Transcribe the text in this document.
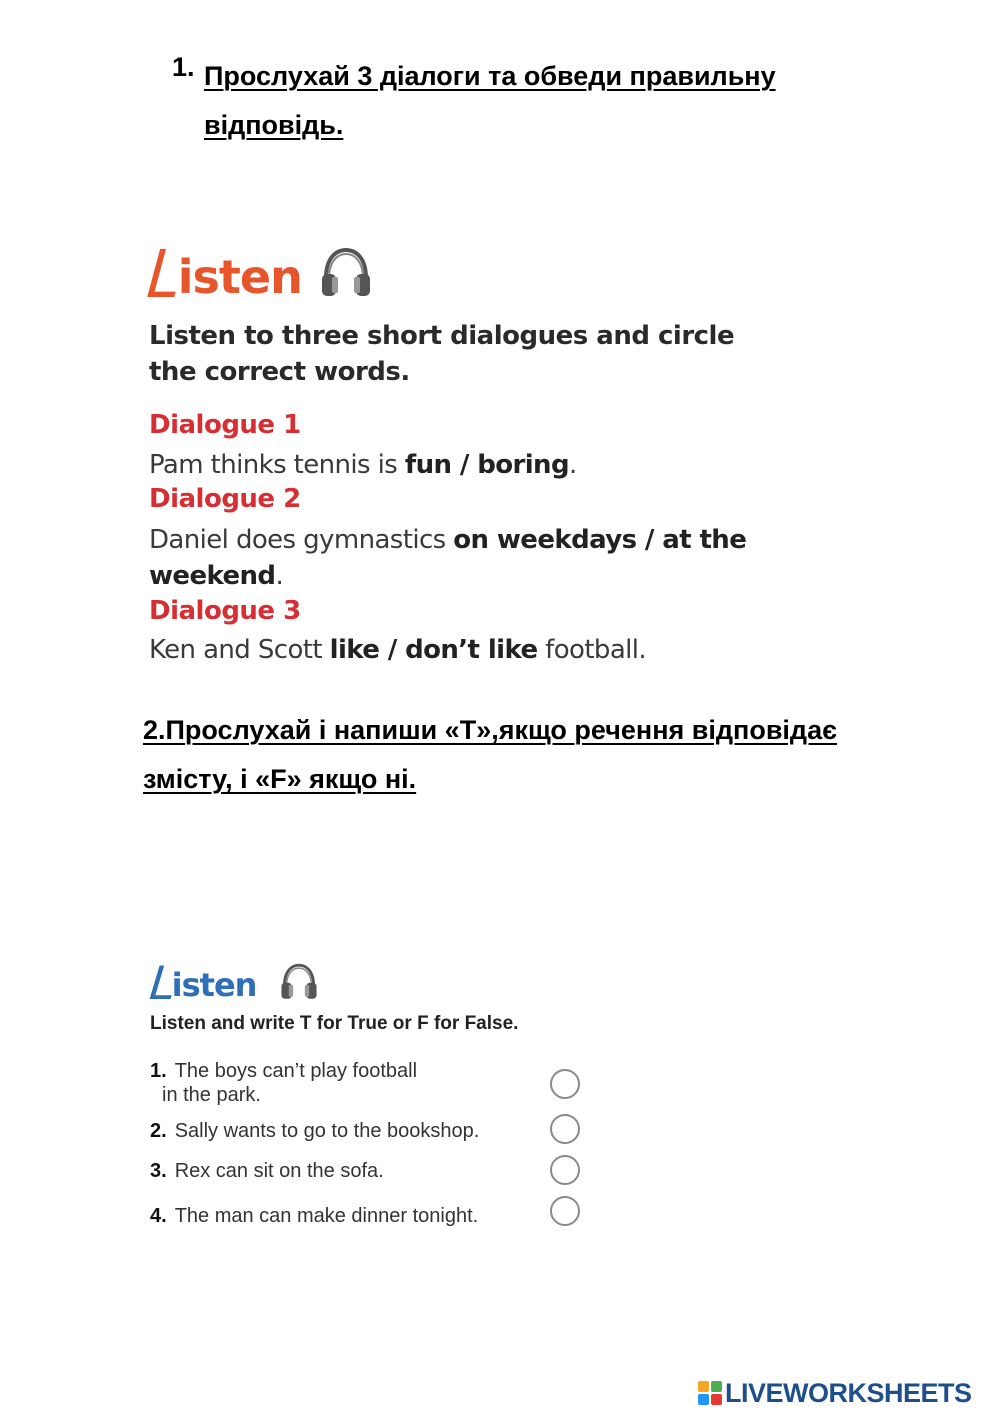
1. Прослухай 3 діалоги та обведи правильну відповідь.
Listen
Listen to three short dialogues and circle the correct words.
Dialogue 1
Pam thinks tennis is fun / boring.
Dialogue 2
Daniel does gymnastics on weekdays / at the weekend.
Dialogue 3
Ken and Scott like / don’t like football.
2.Прослухай і напиши «T»,якщо речення відповідає змісту, і «F» якщо ні.
Listen
Listen and write T for True or F for False.
1. The boys can’t play football
in the park.
2. Sally wants to go to the bookshop.
3. Rex can sit on the sofa.
4. The man can make dinner tonight.
LIVEWORKSHEETS
